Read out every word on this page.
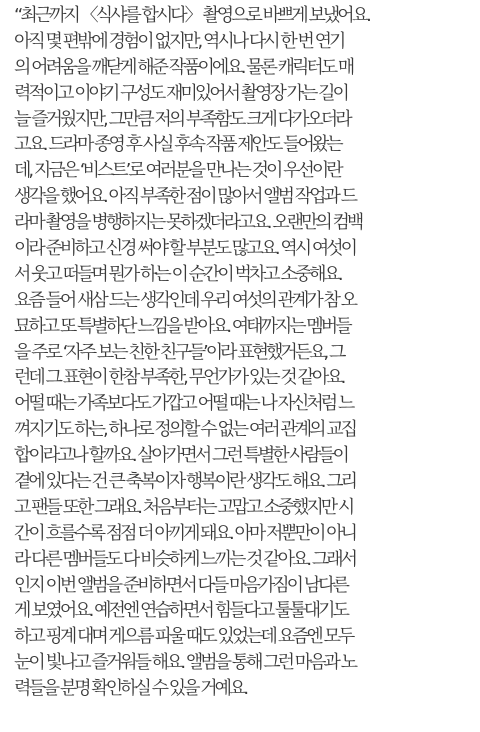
“최근까지 〈식샤를 합시다〉 촬영으로 바쁘게 보냈어요.
아직 몇 편밖에 경험이 없지만, 역시나 다시 한 번 연기
의 어려움을 깨닫게 해준 작품이에요. 물론 캐릭터도 매
력적이고 이야기 구성도 재미있어서 촬영장 가는 길이
늘 즐거웠지만, 그만큼 저의 부족함도 크게 다가오더라
고요. 드라마 종영 후 사실 후속 작품 제안도 들어왔는
데, 지금은 ‘비스트’로 여러분을 만나는 것이 우선이란
생각을 했어요. 아직 부족한 점이 많아서 앨범 작업과 드
라마 촬영을 병행하지는 못하겠더라고요. 오랜만의 컴백
이라 준비하고 신경 써야 할 부분도 많고요. 역시 여섯이
서 웃고 떠들며 뭔가 하는 이 순간이 벅차고 소중해요.
요즘 들어 새삼 드는 생각인데 우리 여섯의 관계가 참 오
묘하고 또 특별하단 느낌을 받아요. 여태까지는 멤버들
을 주로 ‘자주 보는 친한 친구들’이라 표현했거든요, 그
런데 그 표현이 한참 부족한, 무언가가 있는 것 같아요.
어떨 때는 가족보다도 가깝고 어떨 때는 나 자신처럼 느
껴지기도 하는, 하나로 정의할 수 없는 여러 관계의 교집
합이라고나 할까요. 살아가면서 그런 특별한 사람들이
곁에 있다는 건 큰 축복이자 행복이란 생각도 해요. 그리
고 팬들 또한 그래요. 처음부터는 고맙고 소중했지만 시
간이 흐를수록 점점 더 아끼게 돼요. 아마 저뿐만이 아니
라 다른 멤버들도 다 비슷하게 느끼는 것 같아요. 그래서
인지 이번 앨범을 준비하면서 다들 마음가짐이 남다른
게 보였어요. 예전엔 연습하면서 힘들다고 툴툴대기도
하고 핑계 대며 게으름 피울 때도 있었는데 요즘엔 모두
눈이 빛나고 즐거워들 해요. 앨범을 통해 그런 마음과 노
력들을 분명 확인하실 수 있을 거예요.
